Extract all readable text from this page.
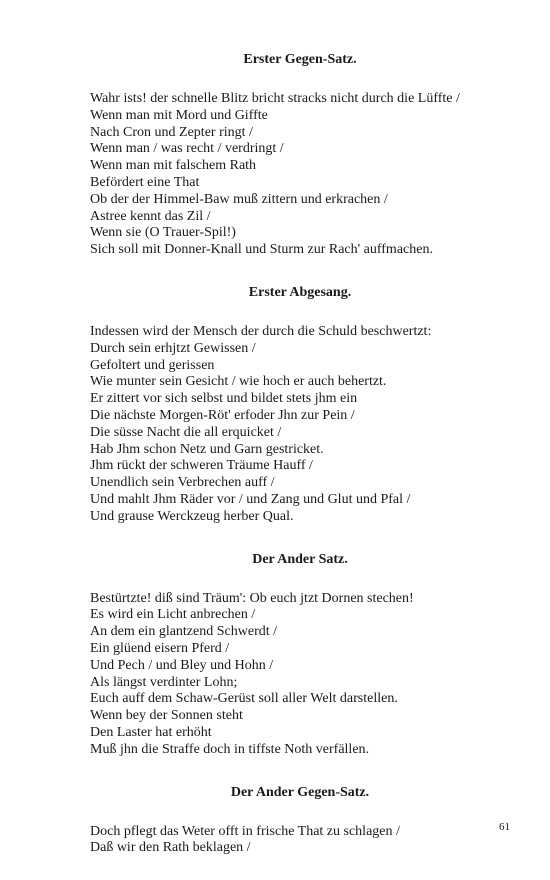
Erster Gegen-Satz.
Wahr ists! der schnelle Blitz bricht stracks nicht durch die Lüffte /
Wenn man mit Mord und Giffte
Nach Cron und Zepter ringt /
Wenn man / was recht / verdringt /
Wenn man mit falschem Rath
Befördert eine That
Ob der der Himmel-Baw muß zittern und erkrachen /
Astree kennt das Zil /
Wenn sie (O Trauer-Spil!)
Sich soll mit Donner-Knall und Sturm zur Rach' auffmachen.
Erster Abgesang.
Indessen wird der Mensch der durch die Schuld beschwertzt:
Durch sein erhjtzt Gewissen /
Gefoltert und gerissen
Wie munter sein Gesicht / wie hoch er auch behertzt.
Er zittert vor sich selbst und bildet stets jhm ein
Die nächste Morgen-Röt' erfoder Jhn zur Pein /
Die süsse Nacht die all erquicket /
Hab Jhm schon Netz und Garn gestricket.
Jhm rückt der schweren Träume Hauff /
Unendlich sein Verbrechen auff /
Und mahlt Jhm Räder vor / und Zang und Glut und Pfal /
Und grause Werckzeug herber Qual.
Der Ander Satz.
Bestürtzte! diß sind Träum': Ob euch jtzt Dornen stechen!
Es wird ein Licht anbrechen /
An dem ein glantzend Schwerdt /
Ein glüend eisern Pferd /
Und Pech / und Bley und Hohn /
Als längst verdinter Lohn;
Euch auff dem Schaw-Gerüst soll aller Welt darstellen.
Wenn bey der Sonnen steht
Den Laster hat erhöht
Muß jhn die Straffe doch in tiffste Noth verfällen.
Der Ander Gegen-Satz.
Doch pflegt das Weter offt in frische That zu schlagen /
Daß wir den Rath beklagen /
61
